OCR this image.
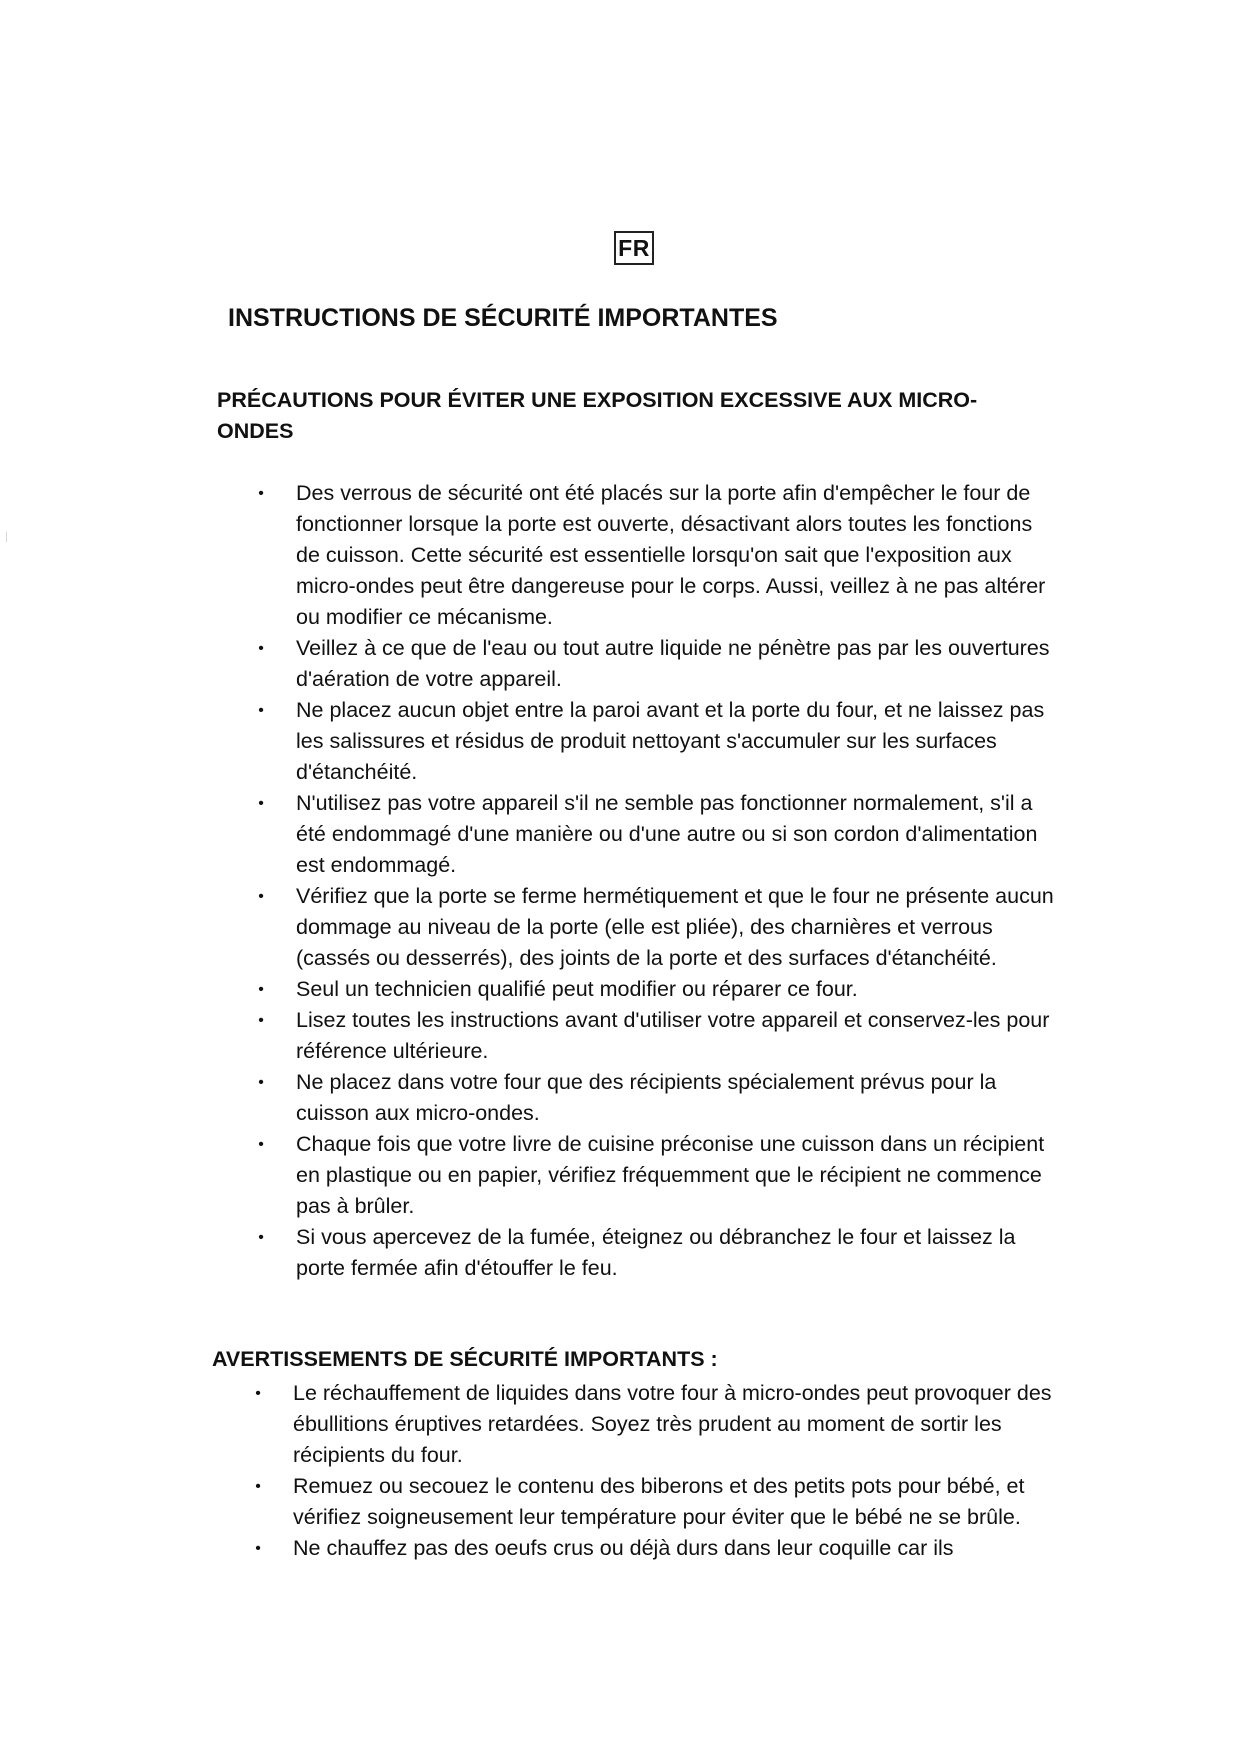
FR
INSTRUCTIONS DE SÉCURITÉ IMPORTANTES
PRÉCAUTIONS POUR ÉVITER UNE EXPOSITION EXCESSIVE AUX MICRO-ONDES
• Des verrous de sécurité ont été placés sur la porte afin d'empêcher le four de fonctionner lorsque la porte est ouverte, désactivant alors toutes les fonctions de cuisson. Cette sécurité est essentielle lorsqu'on sait que l'exposition aux micro-ondes peut être dangereuse pour le corps. Aussi, veillez à ne pas altérer ou modifier ce mécanisme.
• Veillez à ce que de l'eau ou tout autre liquide ne pénètre pas par les ouvertures d'aération de votre appareil.
• Ne placez aucun objet entre la paroi avant et la porte du four, et ne laissez pas les salissures et résidus de produit nettoyant s'accumuler sur les surfaces d'étanchéité.
• N'utilisez pas votre appareil s'il ne semble pas fonctionner normalement, s'il a été endommagé d'une manière ou d'une autre ou si son cordon d'alimentation est endommagé.
• Vérifiez que la porte se ferme hermétiquement et que le four ne présente aucun dommage au niveau de la porte (elle est pliée), des charnières et verrous (cassés ou desserrés), des joints de la porte et des surfaces d'étanchéité.
• Seul un technicien qualifié peut modifier ou réparer ce four.
• Lisez toutes les instructions avant d'utiliser votre appareil et conservez-les pour référence ultérieure.
• Ne placez dans votre four que des récipients spécialement prévus pour la cuisson aux micro-ondes.
• Chaque fois que votre livre de cuisine préconise une cuisson dans un récipient en plastique ou en papier, vérifiez fréquemment que le récipient ne commence pas à brûler.
• Si vous apercevez de la fumée, éteignez ou débranchez le four et laissez la porte fermée afin d'étouffer le feu.
AVERTISSEMENTS DE SÉCURITÉ IMPORTANTS :
• Le réchauffement de liquides dans votre four à micro-ondes peut provoquer des ébullitions éruptives retardées. Soyez très prudent au moment de sortir les récipients du four.
• Remuez ou secouez le contenu des biberons et des petits pots pour bébé, et vérifiez soigneusement leur température pour éviter que le bébé ne se brûle.
• Ne chauffez pas des oeufs crus ou déjà durs dans leur coquille car ils
